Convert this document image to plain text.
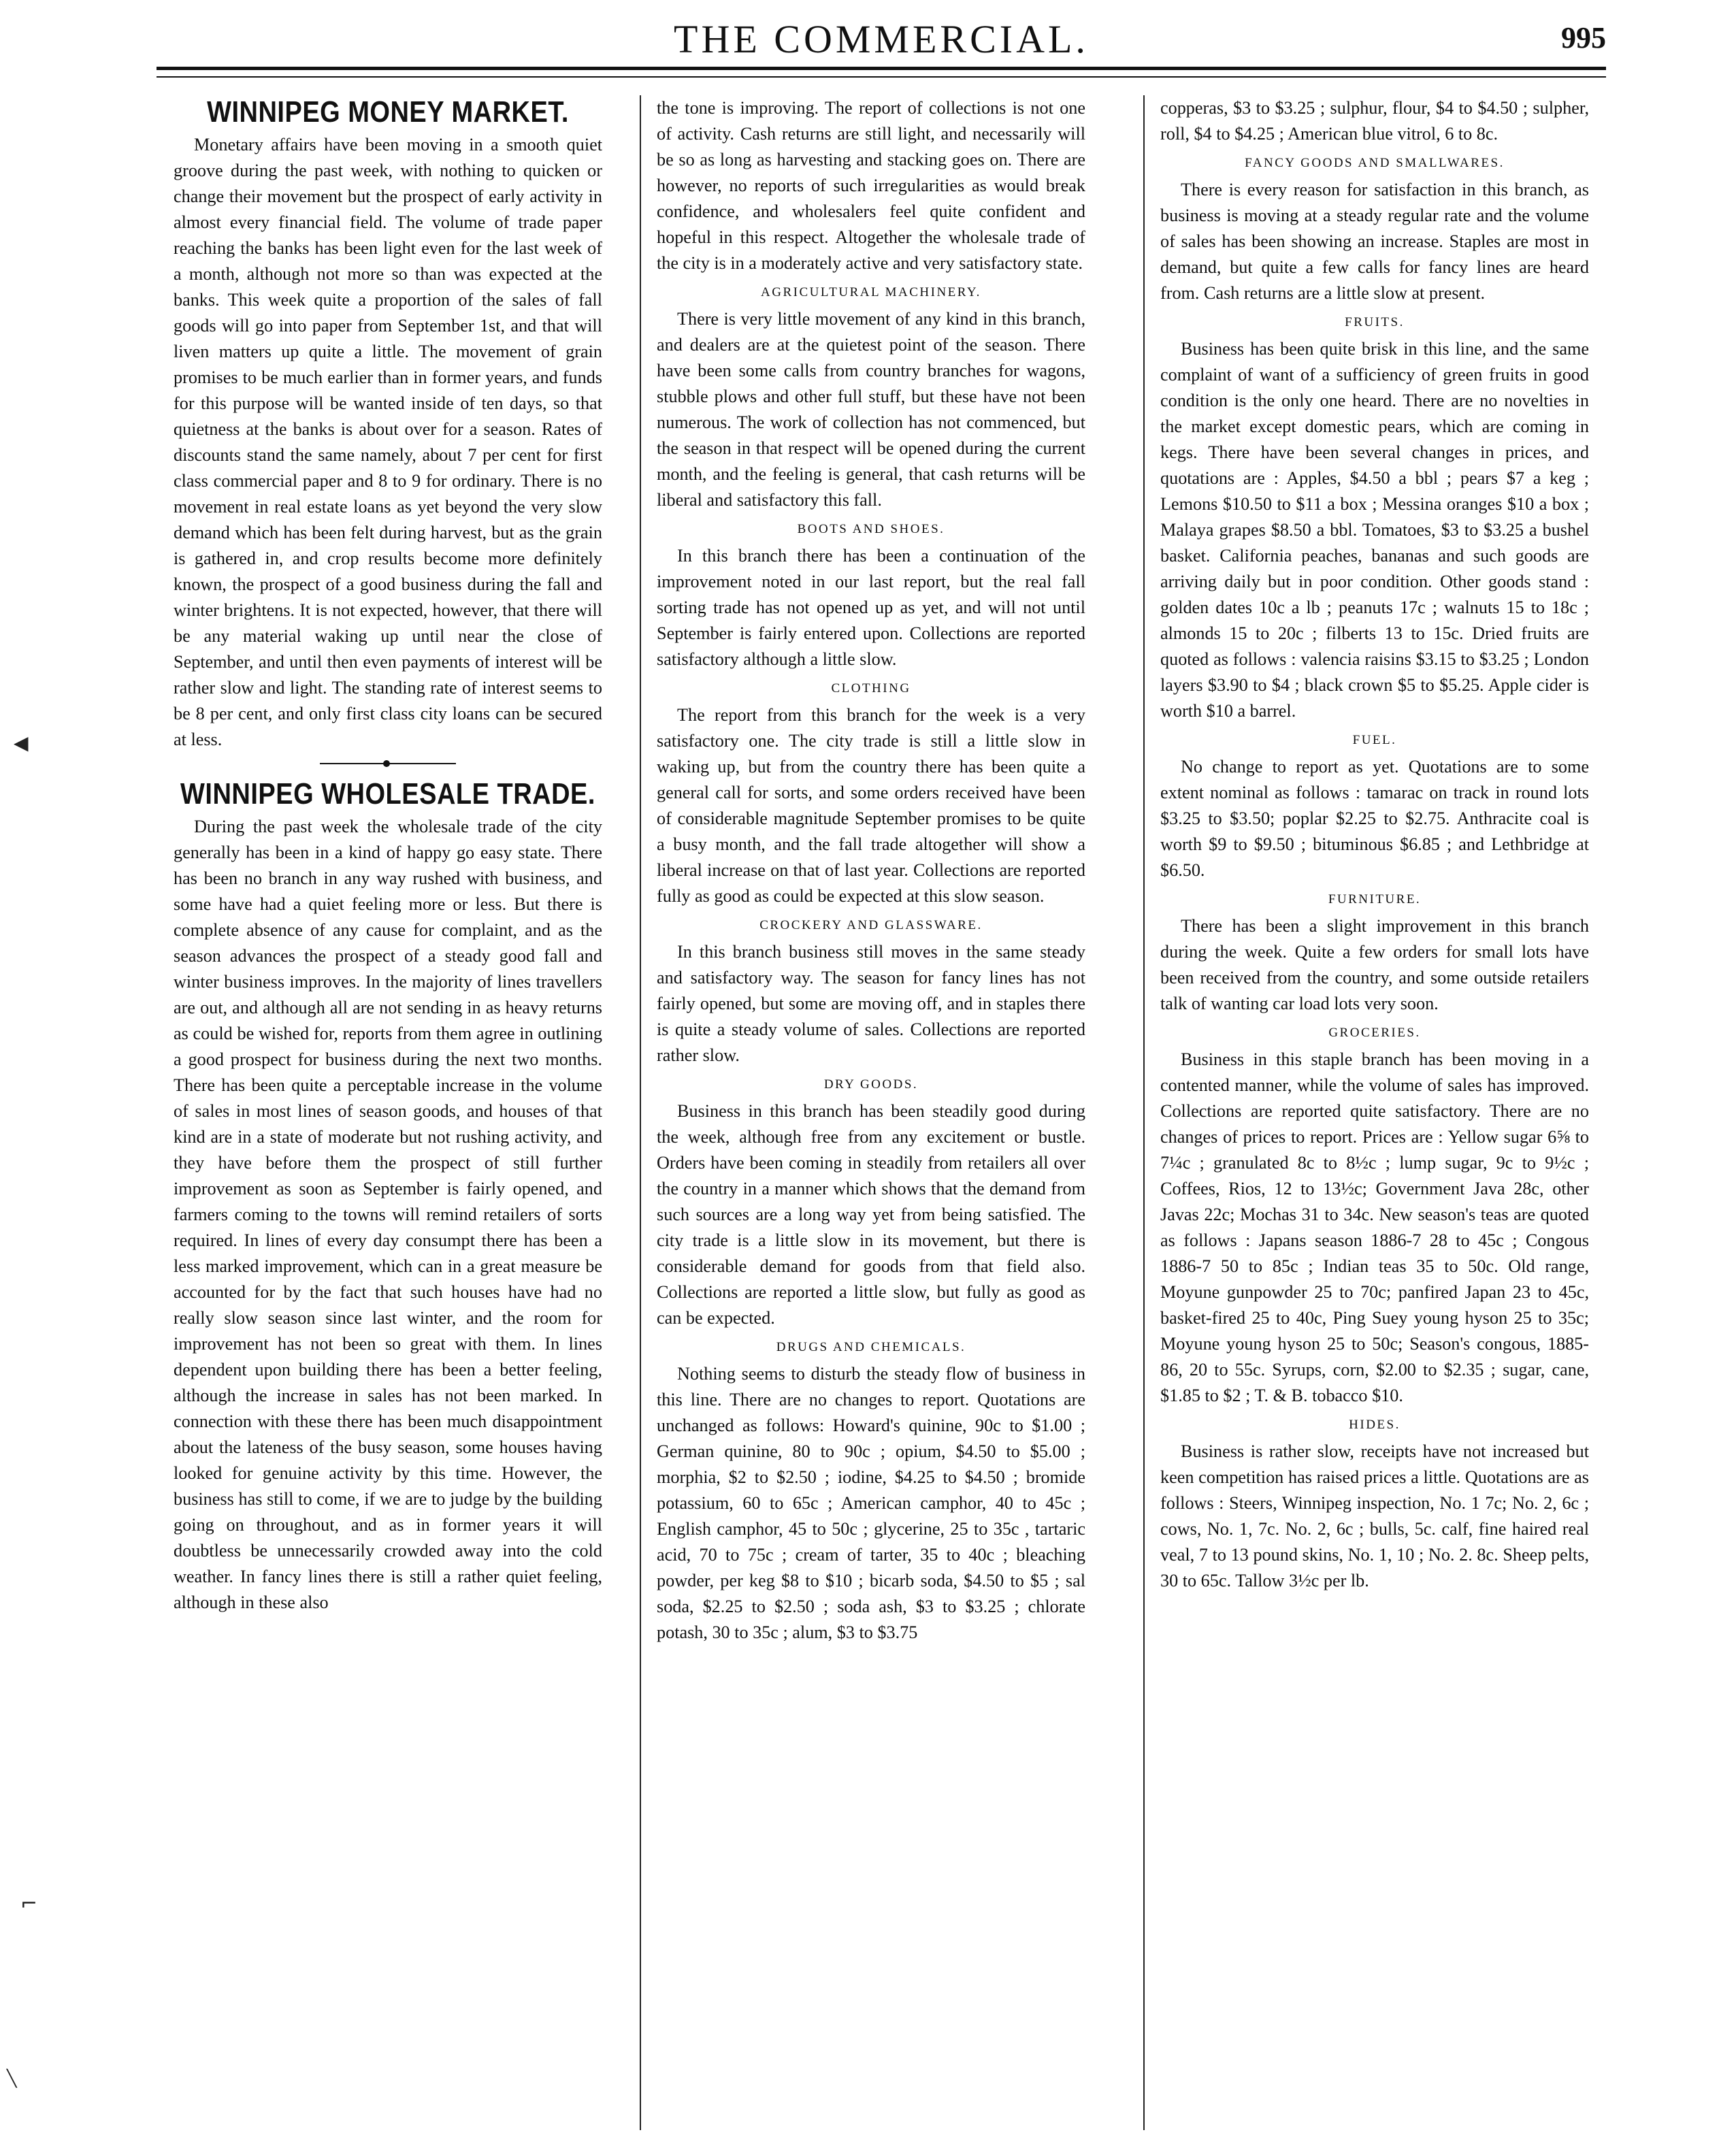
THE COMMERCIAL.	995
◀
⌐
╲
WINNIPEG MONEY MARKET.

Monetary affairs have been moving in a smooth quiet groove during the past week, with nothing to quicken or change their movement but the prospect of early activity in almost every financial field. The volume of trade paper reaching the banks has been light even for the last week of a month, although not more so than was expected at the banks. This week quite a proportion of the sales of fall goods will go into paper from September 1st, and that will liven matters up quite a little. The movement of grain promises to be much earlier than in former years, and funds for this purpose will be wanted inside of ten days, so that quietness at the banks is about over for a season. Rates of discounts stand the same namely, about 7 per cent for first class commercial paper and 8 to 9 for ordinary. There is no movement in real estate loans as yet beyond the very slow demand which has been felt during harvest, but as the grain is gathered in, and crop results become more definitely known, the prospect of a good business during the fall and winter brightens. It is not expected, however, that there will be any material waking up until near the close of September, and until then even payments of interest will be rather slow and light. The standing rate of interest seems to be 8 per cent, and only first class city loans can be secured at less.

WINNIPEG WHOLESALE TRADE.

During the past week the wholesale trade of the city generally has been in a kind of happy go easy state. There has been no branch in any way rushed with business, and some have had a quiet feeling more or less. But there is complete absence of any cause for complaint, and as the season advances the prospect of a steady good fall and winter business improves. In the majority of lines travellers are out, and although all are not sending in as heavy returns as could be wished for, reports from them agree in outlining a good prospect for business during the next two months. There has been quite a perceptable increase in the volume of sales in most lines of season goods, and houses of that kind are in a state of moderate but not rushing activity, and they have before them the prospect of still further improvement as soon as September is fairly opened, and farmers coming to the towns will remind retailers of sorts required. In lines of every day consumpt there has been a less marked improvement, which can in a great measure be accounted for by the fact that such houses have had no really slow season since last winter, and the room for improvement has not been so great with them. In lines dependent upon building there has been a better feeling, although the increase in sales has not been marked. In connection with these there has been much disappointment about the lateness of the busy season, some houses having looked for genuine activity by this time. However, the business has still to come, if we are to judge by the building going on throughout, and as in former years it will doubtless be unnecessarily crowded away into the cold weather. In fancy lines there is still a rather quiet feeling, although in these also

the tone is improving. The report of collections is not one of activity. Cash returns are still light, and necessarily will be so as long as harvesting and stacking goes on. There are however, no reports of such irregularities as would break confidence, and wholesalers feel quite confident and hopeful in this respect. Altogether the wholesale trade of the city is in a moderately active and very satisfactory state.

AGRICULTURAL MACHINERY.

There is very little movement of any kind in this branch, and dealers are at the quietest point of the season. There have been some calls from country branches for wagons, stubble plows and other full stuff, but these have not been numerous. The work of collection has not commenced, but the season in that respect will be opened during the current month, and the feeling is general, that cash returns will be liberal and satisfactory this fall.

BOOTS AND SHOES.

In this branch there has been a continuation of the improvement noted in our last report, but the real fall sorting trade has not opened up as yet, and will not until September is fairly entered upon. Collections are reported satisfactory although a little slow.

CLOTHING

The report from this branch for the week is a very satisfactory one. The city trade is still a little slow in waking up, but from the country there has been quite a general call for sorts, and some orders received have been of considerable magnitude September promises to be quite a busy month, and the fall trade altogether will show a liberal increase on that of last year. Collections are reported fully as good as could be expected at this slow season.

CROCKERY AND GLASSWARE.

In this branch business still moves in the same steady and satisfactory way. The season for fancy lines has not fairly opened, but some are moving off, and in staples there is quite a steady volume of sales. Collections are reported rather slow.

DRY GOODS.

Business in this branch has been steadily good during the week, although free from any excitement or bustle. Orders have been coming in steadily from retailers all over the country in a manner which shows that the demand from such sources are a long way yet from being satisfied. The city trade is a little slow in its movement, but there is considerable demand for goods from that field also. Collections are reported a little slow, but fully as good as can be expected.

DRUGS AND CHEMICALS.

Nothing seems to disturb the steady flow of business in this line. There are no changes to report. Quotations are unchanged as follows: Howard's quinine, 90c to $1.00 ; German quinine, 80 to 90c ; opium, $4.50 to $5.00 ; morphia, $2 to $2.50 ; iodine, $4.25 to $4.50 ; bromide potassium, 60 to 65c ; American camphor, 40 to 45c ; English camphor, 45 to 50c ; glycerine, 25 to 35c , tartaric acid, 70 to 75c ; cream of tarter, 35 to 40c ; bleaching powder, per keg $8 to $10 ; bicarb soda, $4.50 to $5 ; sal soda, $2.25 to $2.50 ; soda ash, $3 to $3.25 ; chlorate potash, 30 to 35c ; alum, $3 to $3.75

copperas, $3 to $3.25 ; sulphur, flour, $4 to $4.50 ; sulpher, roll, $4 to $4.25 ; American blue vitrol, 6 to 8c.

FANCY GOODS AND SMALLWARES.

There is every reason for satisfaction in this branch, as business is moving at a steady regular rate and the volume of sales has been showing an increase. Staples are most in demand, but quite a few calls for fancy lines are heard from. Cash returns are a little slow at present.

FRUITS.

Business has been quite brisk in this line, and the same complaint of want of a sufficiency of green fruits in good condition is the only one heard. There are no novelties in the market except domestic pears, which are coming in kegs. There have been several changes in prices, and quotations are : Apples, $4.50 a bbl ; pears $7 a keg ; Lemons $10.50 to $11 a box ; Messina oranges $10 a box ; Malaya grapes $8.50 a bbl. Tomatoes, $3 to $3.25 a bushel basket. California peaches, bananas and such goods are arriving daily but in poor condition. Other goods stand : golden dates 10c a lb ; peanuts 17c ; walnuts 15 to 18c ; almonds 15 to 20c ; filberts 13 to 15c. Dried fruits are quoted as follows : valencia raisins $3.15 to $3.25 ; London layers $3.90 to $4 ; black crown $5 to $5.25. Apple cider is worth $10 a barrel.

FUEL.

No change to report as yet. Quotations are to some extent nominal as follows : tamarac on track in round lots $3.25 to $3.50; poplar $2.25 to $2.75. Anthracite coal is worth $9 to $9.50 ; bituminous $6.85 ; and Lethbridge at $6.50.

FURNITURE.

There has been a slight improvement in this branch during the week. Quite a few orders for small lots have been received from the country, and some outside retailers talk of wanting car load lots very soon.

GROCERIES.

Business in this staple branch has been moving in a contented manner, while the volume of sales has improved. Collections are reported quite satisfactory. There are no changes of prices to report. Prices are : Yellow sugar 6⅝ to 7¼c ; granulated 8c to 8½c ; lump sugar, 9c to 9½c ; Coffees, Rios, 12 to 13½c; Government Java 28c, other Javas 22c; Mochas 31 to 34c. New season's teas are quoted as follows : Japans season 1886-7 28 to 45c ; Congous 1886-7 50 to 85c ; Indian teas 35 to 50c. Old range, Moyune gunpowder 25 to 70c; panfired Japan 23 to 45c, basket-fired 25 to 40c, Ping Suey young hyson 25 to 35c; Moyune young hyson 25 to 50c; Season's congous, 1885-86, 20 to 55c. Syrups, corn, $2.00 to $2.35 ; sugar, cane, $1.85 to $2 ; T. & B. tobacco $10.

HIDES.

Business is rather slow, receipts have not increased but keen competition has raised prices a little. Quotations are as follows : Steers, Winnipeg inspection, No. 1 7c; No. 2, 6c ; cows, No. 1, 7c. No. 2, 6c ; bulls, 5c. calf, fine haired real veal, 7 to 13 pound skins, No. 1, 10 ; No. 2. 8c. Sheep pelts, 30 to 65c. Tallow 3½c per lb.
